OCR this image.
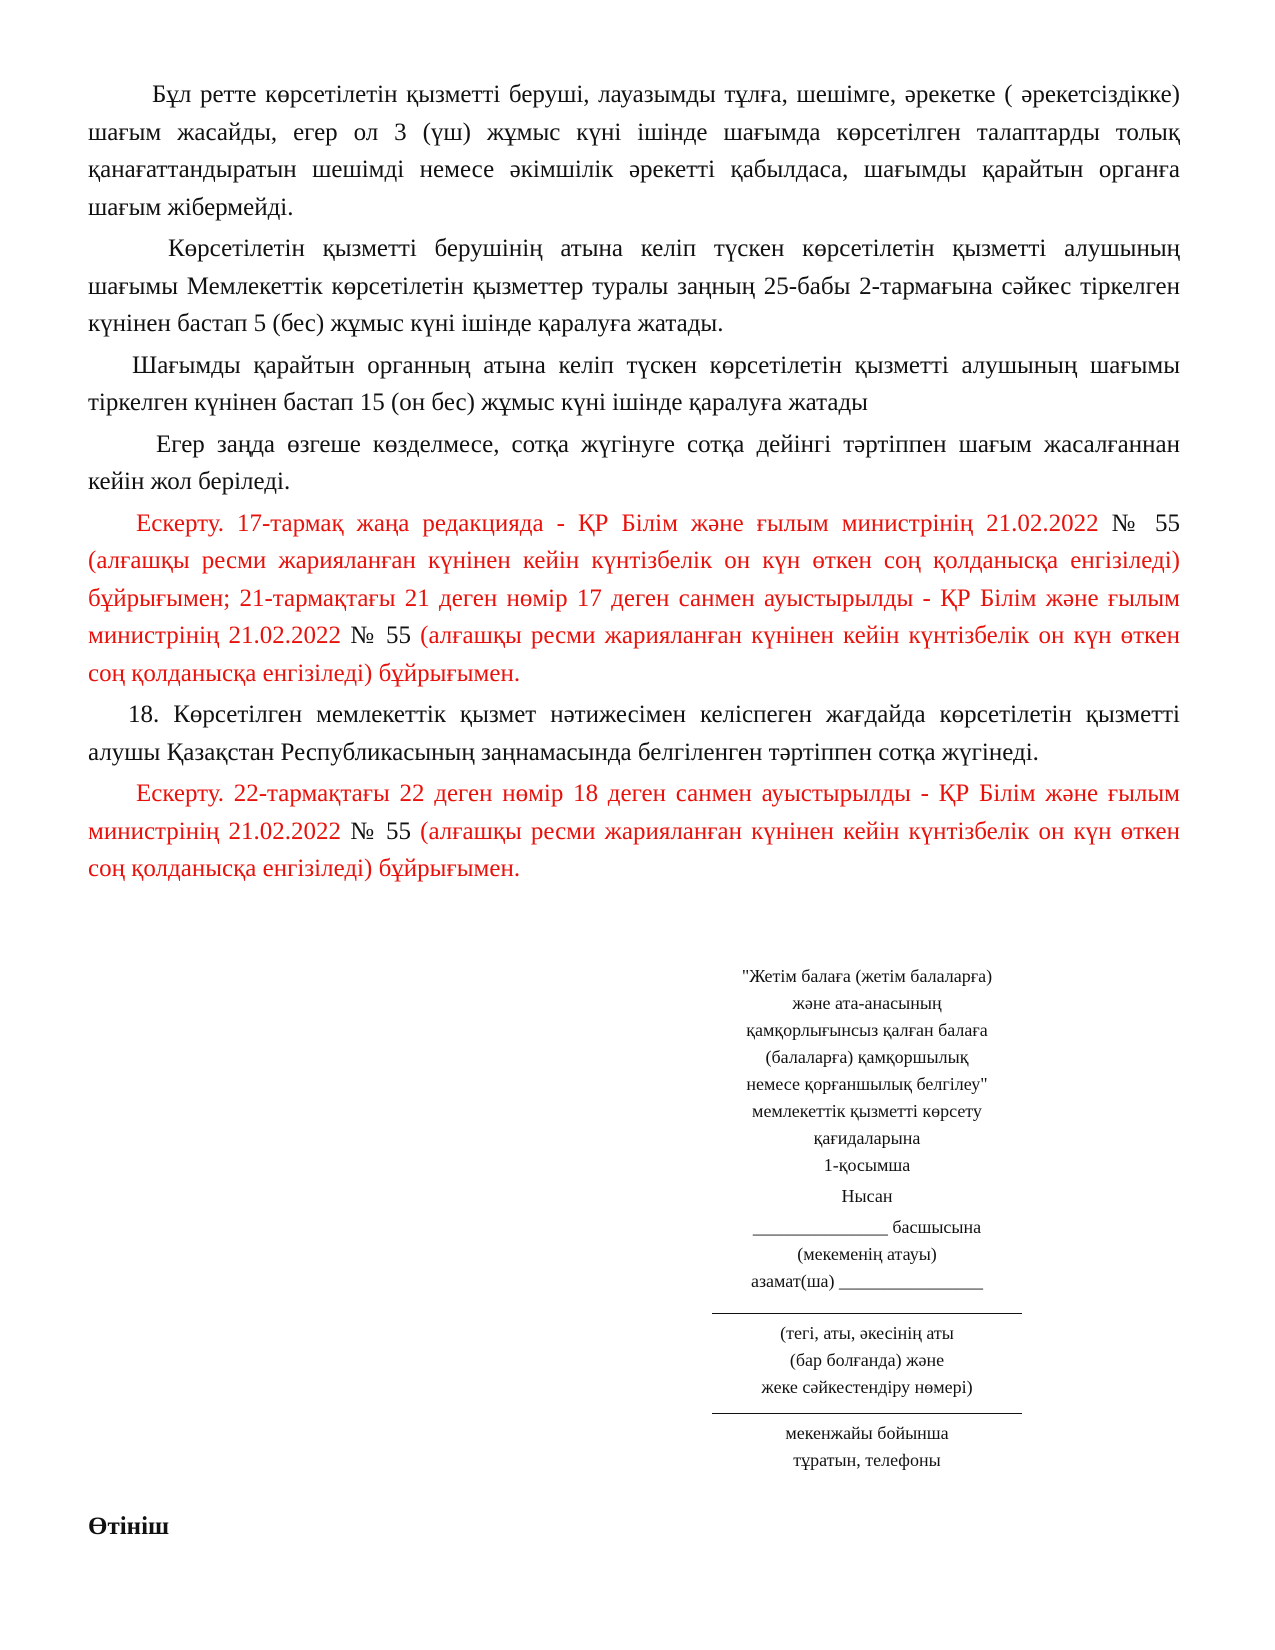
Бұл ретте көрсетілетін қызметті беруші, лауазымды тұлға, шешімге, әрекетке ( әрекетсіздікке) шағым жасайды, егер ол 3 (үш) жұмыс күні ішінде шағымда көрсетілген талаптарды толық қанағаттандыратын шешімді немесе әкімшілік әрекетті қабылдаса, шағымды қарайтын органға шағым жібермейді.

Көрсетілетін қызметті берушінің атына келіп түскен көрсетілетін қызметті алушының шағымы Мемлекеттік көрсетілетін қызметтер туралы заңның 25-бабы 2-тармағына сәйкес тіркелген күнінен бастап 5 (бес) жұмыс күні ішінде қаралуға жатады.

Шағымды қарайтын органның атына келіп түскен көрсетілетін қызметті алушының шағымы тіркелген күнінен бастап 15 (он бес) жұмыс күні ішінде қаралуға жатады

Егер заңда өзгеше көзделмесе, сотқа жүгінуге сотқа дейінгі тәртіппен шағым жасалғаннан кейін жол беріледі.

Ескерту. 17-тармақ жаңа редакцияда - ҚР Білім және ғылым министрінің 21.02.2022 № 55 (алғашқы ресми жарияланған күнінен кейін күнтізбелік он күн өткен соң қолданысқа енгізіледі) бұйрығымен; 21-тармақтағы 21 деген нөмір 17 деген санмен ауыстырылды - ҚР Білім және ғылым министрінің 21.02.2022 № 55 (алғашқы ресми жарияланған күнінен кейін күнтізбелік он күн өткен соң қолданысқа енгізіледі) бұйрығымен.

18. Көрсетілген мемлекеттік қызмет нәтижесімен келіспеген жағдайда көрсетілетін қызметті алушы Қазақстан Республикасының заңнамасында белгіленген тәртіппен сотқа жүгінеді.

Ескерту. 22-тармақтағы 22 деген нөмір 18 деген санмен ауыстырылды - ҚР Білім және ғылым министрінің 21.02.2022 № 55 (алғашқы ресми жарияланған күнінен кейін күнтізбелік он күн өткен соң қолданысқа енгізіледі) бұйрығымен.

"Жетім балаға (жетім балаларға)
және ата-анасының
қамқорлығынсыз қалған балаға
(балаларға) қамқоршылық
немесе қорғаншылық белгілеу"
мемлекеттік қызметті көрсету
қағидаларына
1-қосымша
Нысан
_______________ басшысына
(мекеменің атауы)
азамат(ша) ________________
(тегі, аты, әкесінің аты
(бар болғанда) және
жеке сәйкестендіру нөмері)
мекенжайы бойынша
тұратын, телефоны
Өтініш
